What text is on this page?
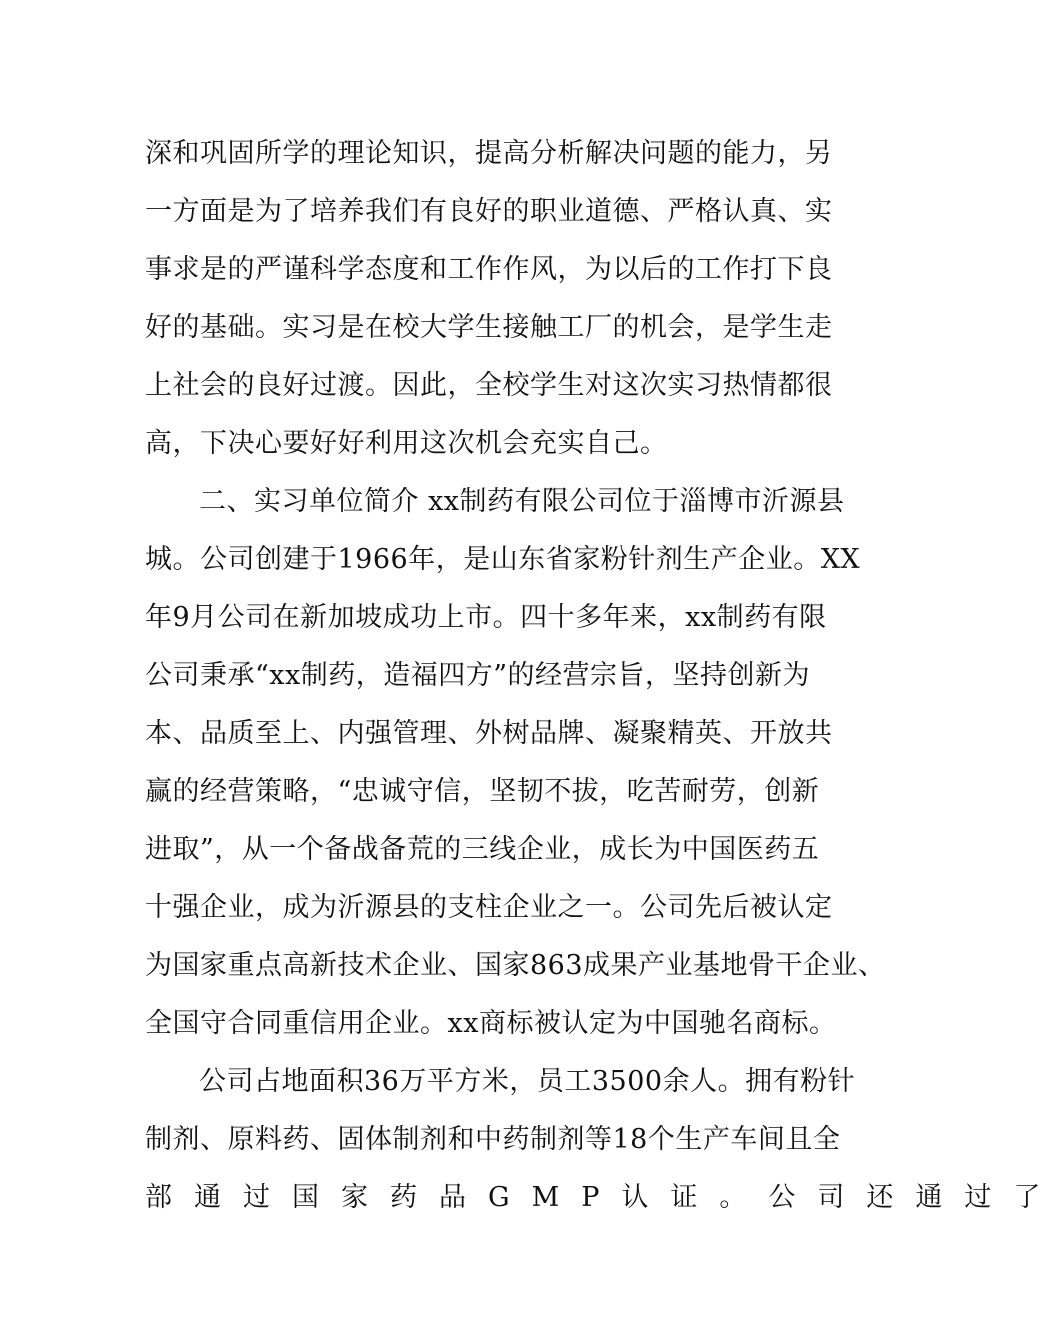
深和巩固所学的理论知识，提高分析解决问题的能力，另
一方面是为了培养我们有良好的职业道德、严格认真、实
事求是的严谨科学态度和工作作风，为以后的工作打下良
好的基础。实习是在校大学生接触工厂的机会，是学生走
上社会的良好过渡。因此，全校学生对这次实习热情都很
高，下决心要好好利用这次机会充实自己。
二、实习单位简介 xx制药有限公司位于淄博市沂源县
城。公司创建于1966年，是山东省家粉针剂生产企业。XX
年9月公司在新加坡成功上市。四十多年来，xx制药有限
公司秉承“xx制药，造福四方”的经营宗旨，坚持创新为
本、品质至上、内强管理、外树品牌、凝聚精英、开放共
赢的经营策略，“忠诚守信，坚韧不拔，吃苦耐劳，创新
进取”，从一个备战备荒的三线企业，成长为中国医药五
十强企业，成为沂源县的支柱企业之一。公司先后被认定
为国家重点高新技术企业、国家863成果产业基地骨干企业、
全国守合同重信用企业。xx商标被认定为中国驰名商标。
公司占地面积36万平方米，员工3500余人。拥有粉针
制剂、原料药、固体制剂和中药制剂等18个生产车间且全
部通过国家药品GMP认证。公司还通过了
